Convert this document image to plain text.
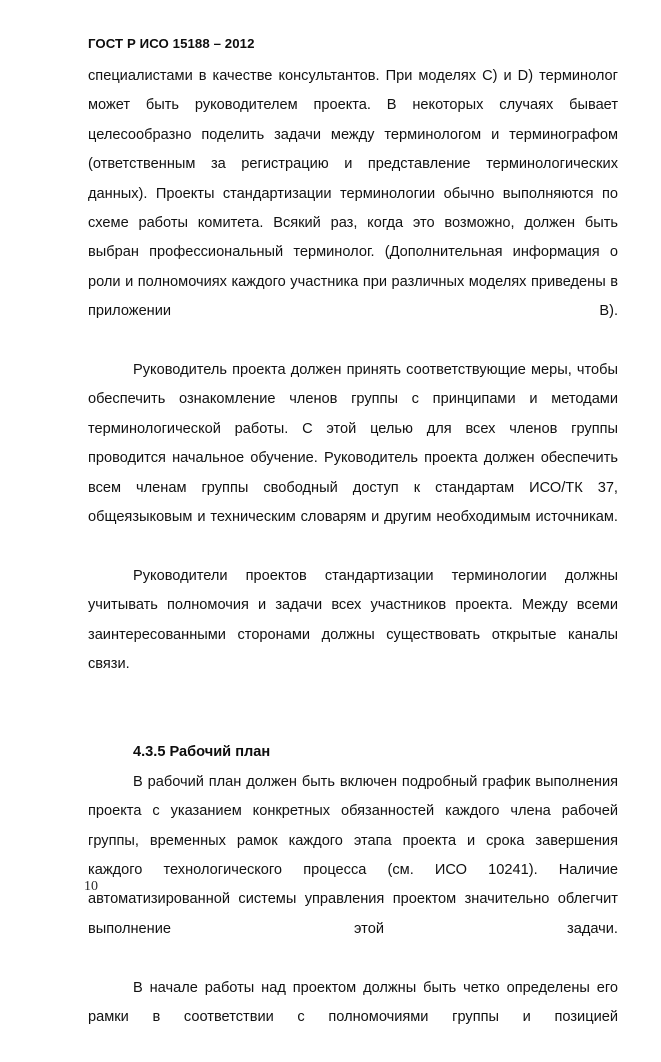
ГОСТ Р ИСО 15188 – 2012

специалистами в качестве консультантов. При моделях C) и D) терминолог может быть руководителем проекта. В некоторых случаях бывает целесообразно поделить задачи между терминологом и терминографом (ответственным за регистрацию и представление терминологических данных). Проекты стандартизации терминологии обычно выполняются по схеме работы комитета. Всякий раз, когда это возможно, должен быть выбран профессиональный терминолог. (Дополнительная информация о роли и полномочиях каждого участника при различных моделях приведены в приложении В).

Руководитель проекта должен принять соответствующие меры, чтобы обеспечить ознакомление членов группы с принципами и методами терминологической работы. С этой целью для всех членов группы проводится начальное обучение. Руководитель проекта должен обеспечить всем членам группы свободный доступ к стандартам ИСО/ТК 37, общеязыковым и техническим словарям и другим необходимым источникам.

Руководители проектов стандартизации терминологии должны учитывать полномочия и задачи всех участников проекта. Между всеми заинтересованными сторонами должны существовать открытые каналы связи.

4.3.5 Рабочий план

В рабочий план должен быть включен подробный график выполнения проекта с указанием конкретных обязанностей каждого члена рабочей группы, временных рамок каждого этапа проекта и срока завершения каждого технологического процесса (см. ИСО 10241). Наличие автоматизированной системы управления проектом значительно облегчит выполнение этой задачи.

В начале работы над проектом должны быть четко определены его рамки в соответствии с полномочиями группы и позицией

10
